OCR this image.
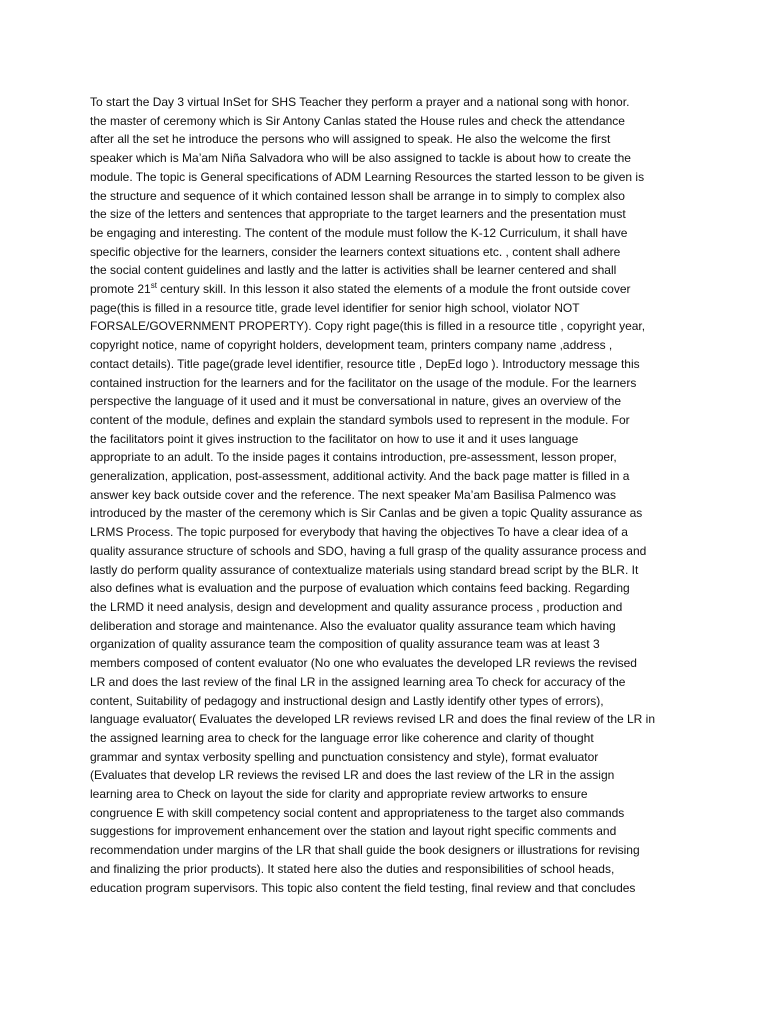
To start the Day 3 virtual InSet for SHS Teacher they perform a prayer and a national song with honor.
the master of ceremony which is Sir Antony Canlas stated the House rules and check the attendance
after all the set he introduce the persons who will assigned to speak. He also the welcome the first
speaker which is Ma’am Niña Salvadora who will be also assigned to tackle is about how to create the
module. The topic is General specifications of ADM Learning Resources the started lesson to be given is
the structure and sequence of it which contained lesson shall be arrange in to simply to complex also
the size of the letters and sentences that appropriate to the target learners and the presentation must
be engaging and interesting. The content of the module must follow the K-12 Curriculum, it shall have
specific objective for the learners, consider the learners context situations etc. , content shall adhere
the social content guidelines and lastly and the latter is activities shall be learner centered and shall
promote 21st century skill. In this lesson it also stated the elements of a module the front outside cover
page(this is filled in a resource title, grade level identifier for senior high school, violator NOT
FORSALE/GOVERNMENT PROPERTY). Copy right page(this is filled in a resource title , copyright year,
copyright notice, name of copyright holders, development team, printers company name ,address ,
contact details). Title page(grade level identifier, resource title , DepEd logo ). Introductory message this
contained instruction for the learners and for the facilitator on the usage of the module. For the learners
perspective the language of it used and it must be conversational in nature, gives an overview of the
content of the module, defines and explain the standard symbols used to represent in the module. For
the facilitators point it gives instruction to the facilitator on how to use it and it uses language
appropriate to an adult. To the inside pages it contains introduction, pre-assessment, lesson proper,
generalization, application, post-assessment, additional activity. And the back page matter is filled in a
answer key back outside cover and the reference. The next speaker Ma’am Basilisa Palmenco was
introduced by the master of the ceremony which is Sir Canlas and be given a topic Quality assurance as
LRMS Process. The topic purposed for everybody that having the objectives To have a clear idea of a
quality assurance structure of schools and SDO, having a full grasp of the quality assurance process and
lastly do perform quality assurance of contextualize materials using standard bread script by the BLR. It
also defines what is evaluation and the purpose of evaluation which contains feed backing. Regarding
the LRMD it need analysis, design and development and quality assurance process , production and
deliberation and storage and maintenance. Also the evaluator quality assurance team which having
organization of quality assurance team the composition of quality assurance team was at least 3
members composed of content evaluator (No one who evaluates the developed LR reviews the revised
LR and does the last review of the final LR in the assigned learning area To check for accuracy of the
content, Suitability of pedagogy and instructional design and Lastly identify other types of errors),
language evaluator( Evaluates the developed LR reviews revised LR and does the final review of the LR in
the assigned learning area to check for the language error like coherence and clarity of thought
grammar and syntax verbosity spelling and punctuation consistency and style), format evaluator
(Evaluates that develop LR reviews the revised LR and does the last review of the LR in the assign
learning area to Check on layout the side for clarity and appropriate review artworks to ensure
congruence E with skill competency social content and appropriateness to the target also commands
suggestions for improvement enhancement over the station and layout right specific comments and
recommendation under margins of the LR that shall guide the book designers or illustrations for revising
and finalizing the prior products). It stated here also the duties and responsibilities of school heads,
education program supervisors. This topic also content the field testing, final review and that concludes
